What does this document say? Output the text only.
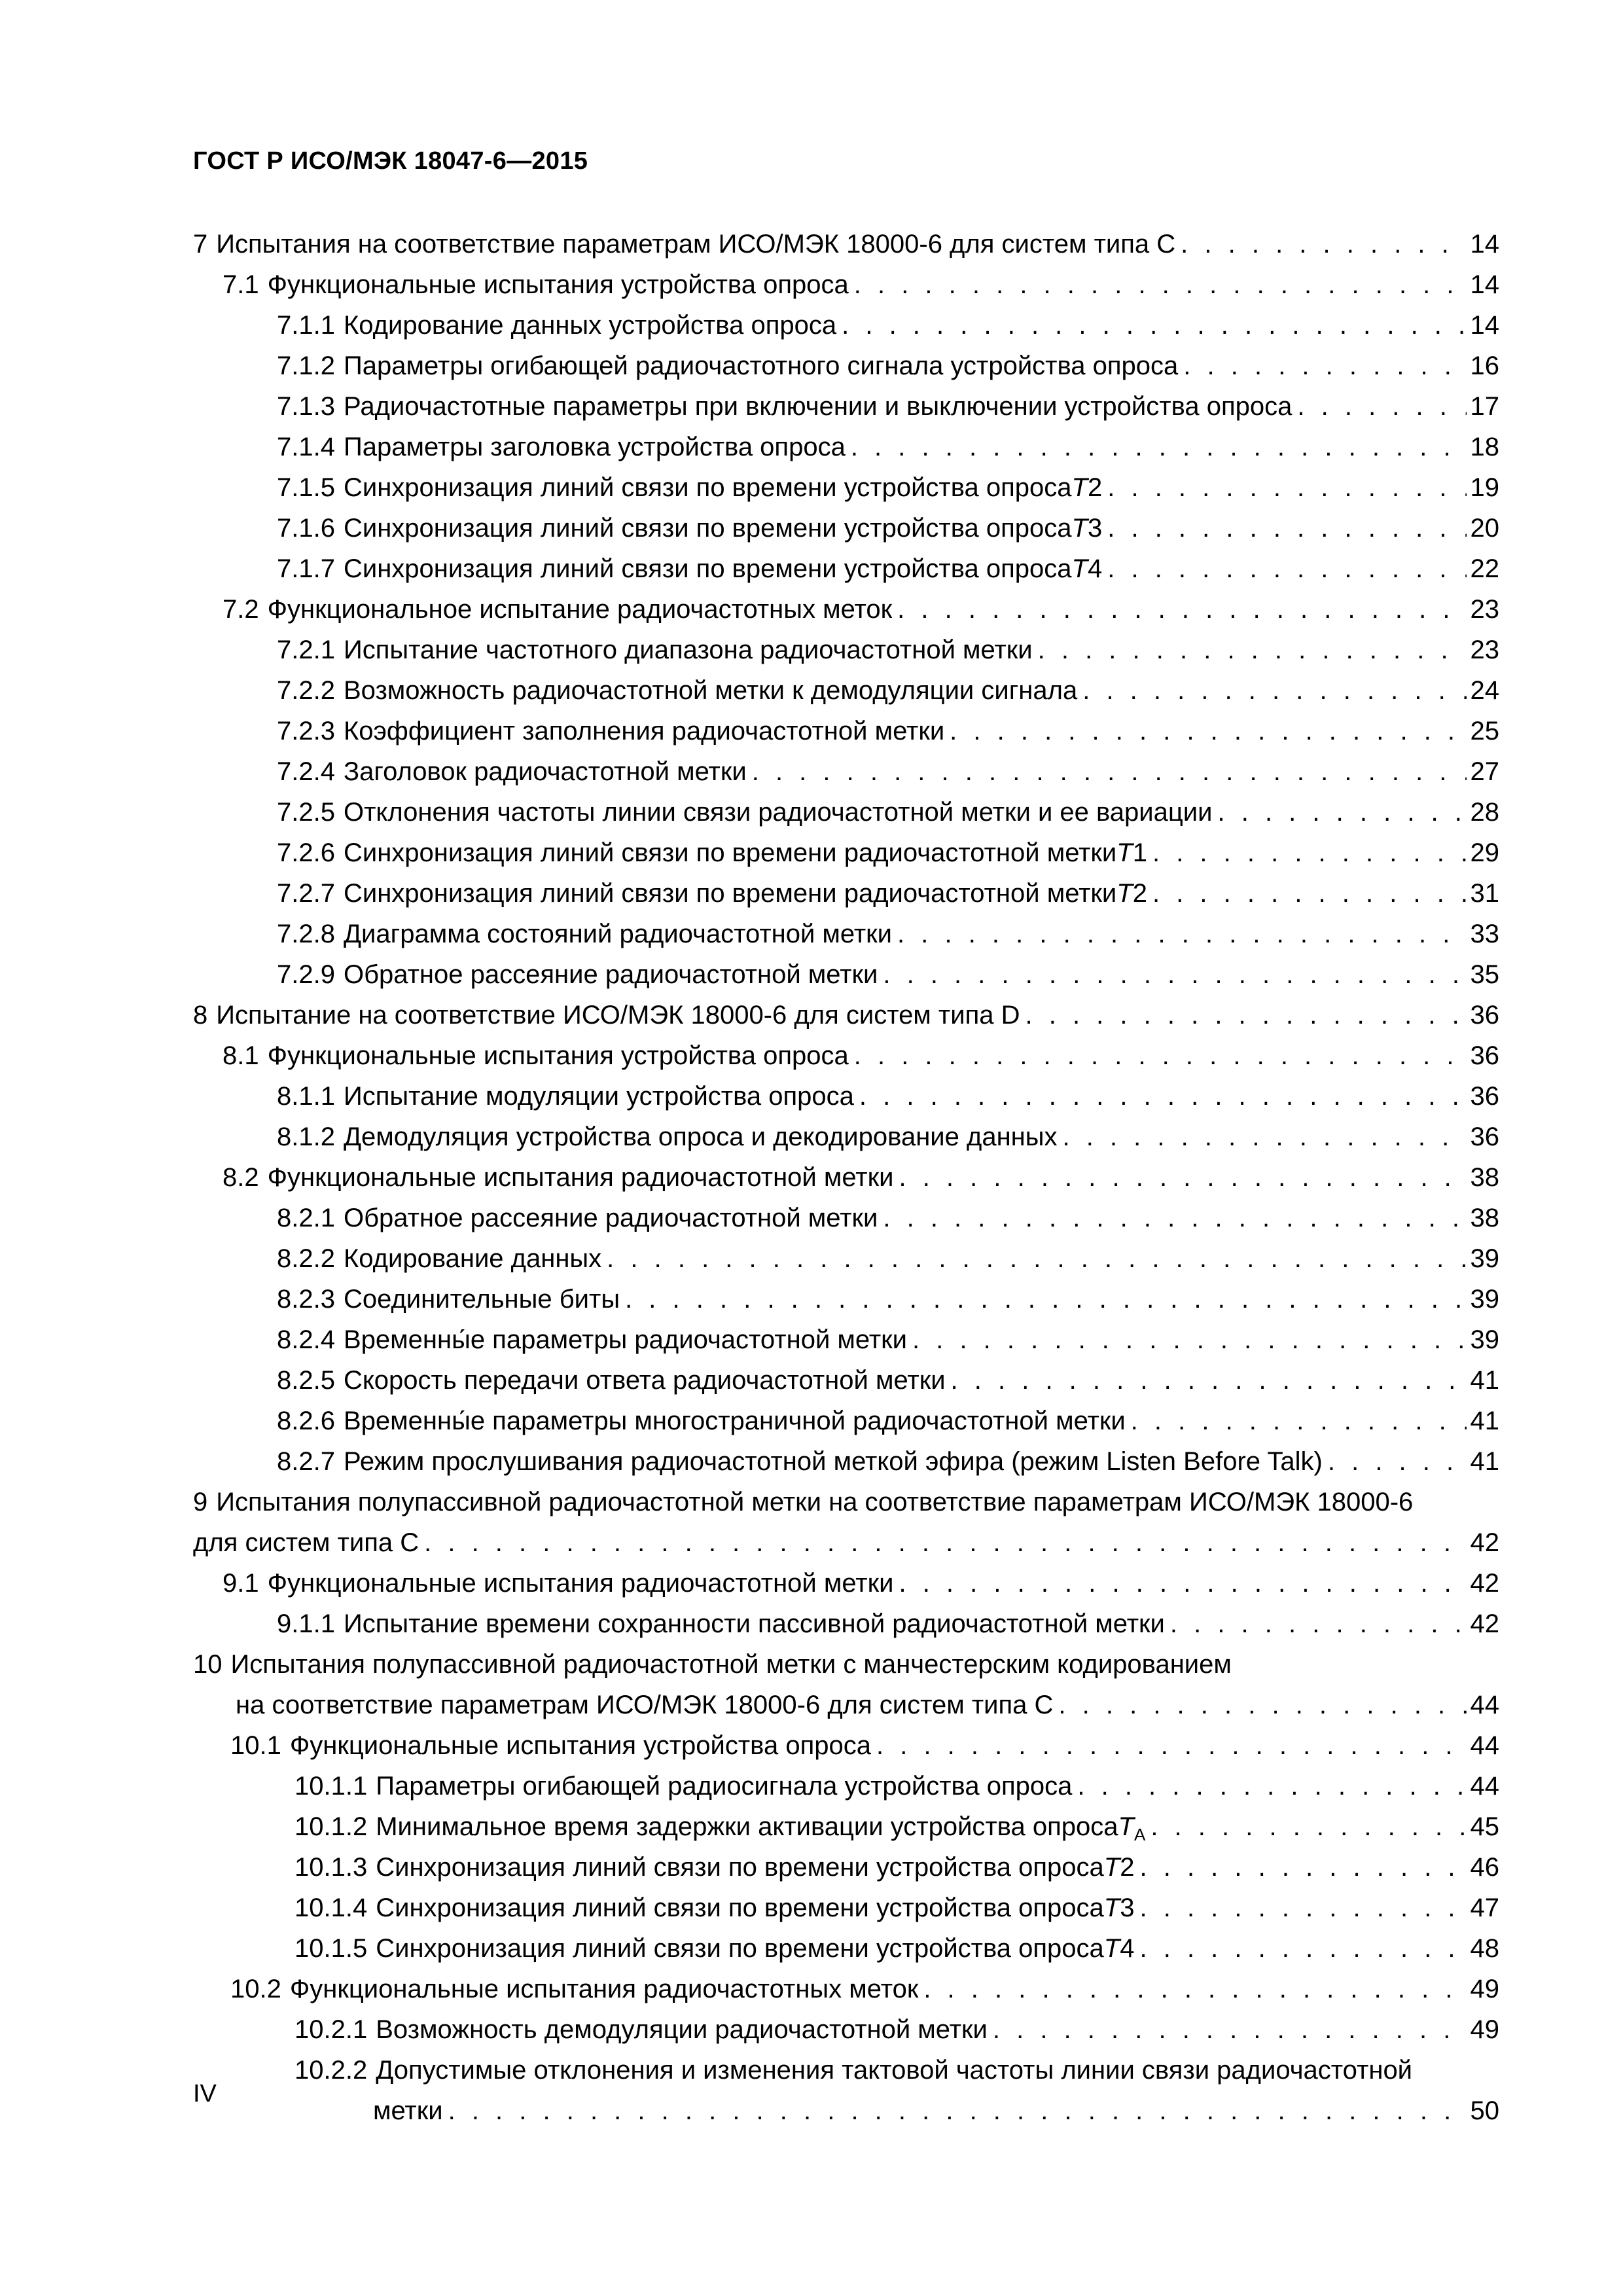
ГОСТ Р ИСО/МЭК 18047-6—2015
7 Испытания на соответствие параметрам ИСО/МЭК 18000-6 для систем типа С . . .	14
7.1 Функциональные испытания устройства опроса . . .	14
7.1.1 Кодирование данных устройства опроса . . .	14
7.1.2 Параметры огибающей радиочастотного сигнала устройства опроса . . .	16
7.1.3 Радиочастотные параметры при включении и выключении устройства опроса . . .	17
7.1.4 Параметры заголовка устройства опроса . . .	18
7.1.5 Синхронизация линий связи по времени устройства опроса T2 . . .	19
7.1.6 Синхронизация линий связи по времени устройства опроса T3 . . .	20
7.1.7 Синхронизация линий связи по времени устройства опроса T4 . . .	22
7.2 Функциональное испытание радиочастотных меток . . .	23
7.2.1 Испытание частотного диапазона радиочастотной метки . . .	23
7.2.2 Возможность радиочастотной метки к демодуляции сигнала . . .	24
7.2.3 Коэффициент заполнения радиочастотной метки . . .	25
7.2.4 Заголовок радиочастотной метки . . .	27
7.2.5 Отклонения частоты линии связи радиочастотной метки и ее вариации . . .	28
7.2.6 Синхронизация линий связи по времени радиочастотной метки T1 . . .	29
7.2.7 Синхронизация линий связи по времени радиочастотной метки T2 . . .	31
7.2.8 Диаграмма состояний радиочастотной метки . . .	33
7.2.9 Обратное рассеяние радиочастотной метки . . .	35
8 Испытание на соответствие ИСО/МЭК 18000-6 для систем типа D . . .	36
8.1 Функциональные испытания устройства опроса . . .	36
8.1.1 Испытание модуляции устройства опроса . . .	36
8.1.2 Демодуляция устройства опроса и декодирование данных . . .	36
8.2 Функциональные испытания радиочастотной метки . . .	38
8.2.1 Обратное рассеяние радиочастотной метки . . .	38
8.2.2 Кодирование данных . . .	39
8.2.3 Соединительные биты . . .	39
8.2.4 Временны́е параметры радиочастотной метки . . .	39
8.2.5 Скорость передачи ответа радиочастотной метки . . .	41
8.2.6 Временны́е параметры многостраничной радиочастотной метки . . .	41
8.2.7 Режим прослушивания радиочастотной меткой эфира (режим Listen Before Talk) . . .	41
9 Испытания полупассивной радиочастотной метки на соответствие параметрам ИСО/МЭК 18000-6
для систем типа С . . .	42
9.1 Функциональные испытания радиочастотной метки . . .	42
9.1.1 Испытание времени сохранности пассивной радиочастотной метки . . .	42
10 Испытания полупассивной радиочастотной метки с манчестерским кодированием
на соответствие параметрам ИСО/МЭК 18000-6 для систем типа С . . .	44
10.1 Функциональные испытания устройства опроса . . .	44
10.1.1 Параметры огибающей радиосигнала устройства опроса . . .	44
10.1.2 Минимальное время задержки активации устройства опроса $T_A$ . . .	45
10.1.3 Синхронизация линий связи по времени устройства опроса T2 . . .	46
10.1.4 Синхронизация линий связи по времени устройства опроса T3 . . .	47
10.1.5 Синхронизация линий связи по времени устройства опроса T4 . . .	48
10.2 Функциональные испытания радиочастотных меток . . .	49
10.2.1 Возможность демодуляции радиочастотной метки . . .	49
10.2.2 Допустимые отклонения и изменения тактовой частоты линии связи радиочастотной
метки . . .	50
IV
